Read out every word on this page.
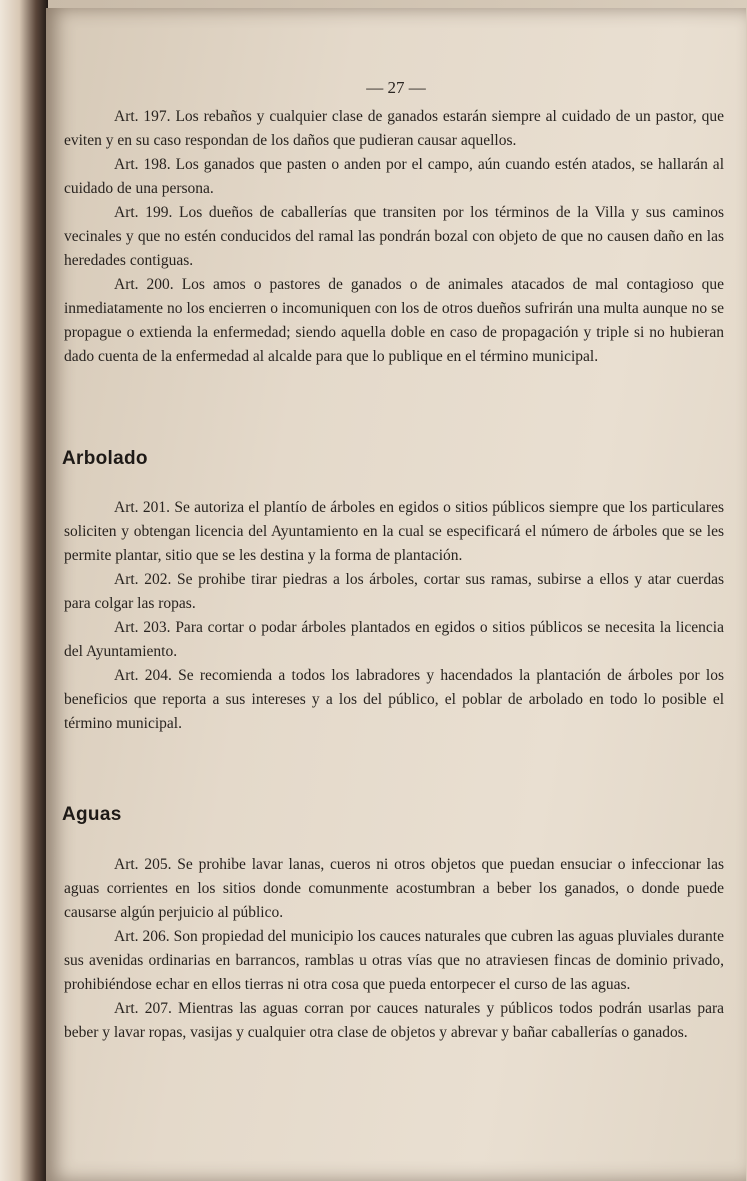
— 27 —

Art. 197. Los rebaños y cualquier clase de ganados estarán siempre al cuidado de un pastor, que eviten y en su caso respondan de los daños que pudieran causar aquellos.

Art. 198. Los ganados que pasten o anden por el campo, aún cuando estén atados, se hallarán al cuidado de una persona.

Art. 199. Los dueños de caballerías que transiten por los términos de la Villa y sus caminos vecinales y que no estén conducidos del ramal las pondrán bozal con objeto de que no causen daño en las heredades contiguas.

Art. 200. Los amos o pastores de ganados o de animales atacados de mal contagioso que inmediatamente no los encierren o incomuniquen con los de otros dueños sufrirán una multa aunque no se propague o extienda la enfermedad; siendo aquella doble en caso de propagación y triple si no hubieran dado cuenta de la enfermedad al alcalde para que lo publique en el término municipal.

Arbolado

Art. 201. Se autoriza el plantío de árboles en egidos o sitios públicos siempre que los particulares soliciten y obtengan licencia del Ayuntamiento en la cual se especificará el número de árboles que se les permite plantar, sitio que se les destina y la forma de plantación.

Art. 202. Se prohibe tirar piedras a los árboles, cortar sus ramas, subirse a ellos y atar cuerdas para colgar las ropas.

Art. 203. Para cortar o podar árboles plantados en egidos o sitios públicos se necesita la licencia del Ayuntamiento.

Art. 204. Se recomienda a todos los labradores y hacendados la plantación de árboles por los beneficios que reporta a sus intereses y a los del público, el poblar de arbolado en todo lo posible el término municipal.

Aguas

Art. 205. Se prohibe lavar lanas, cueros ni otros objetos que puedan ensuciar o infeccionar las aguas corrientes en los sitios donde comunmente acostumbran a beber los ganados, o donde puede causarse algún perjuicio al público.

Art. 206. Son propiedad del municipio los cauces naturales que cubren las aguas pluviales durante sus avenidas ordinarias en barrancos, ramblas u otras vías que no atraviesen fincas de dominio privado, prohibiéndose echar en ellos tierras ni otra cosa que pueda entorpecer el curso de las aguas.

Art. 207. Mientras las aguas corran por cauces naturales y públicos todos podrán usarlas para beber y lavar ropas, vasijas y cualquier otra clase de objetos y abrevar y bañar caballerías o ganados.
